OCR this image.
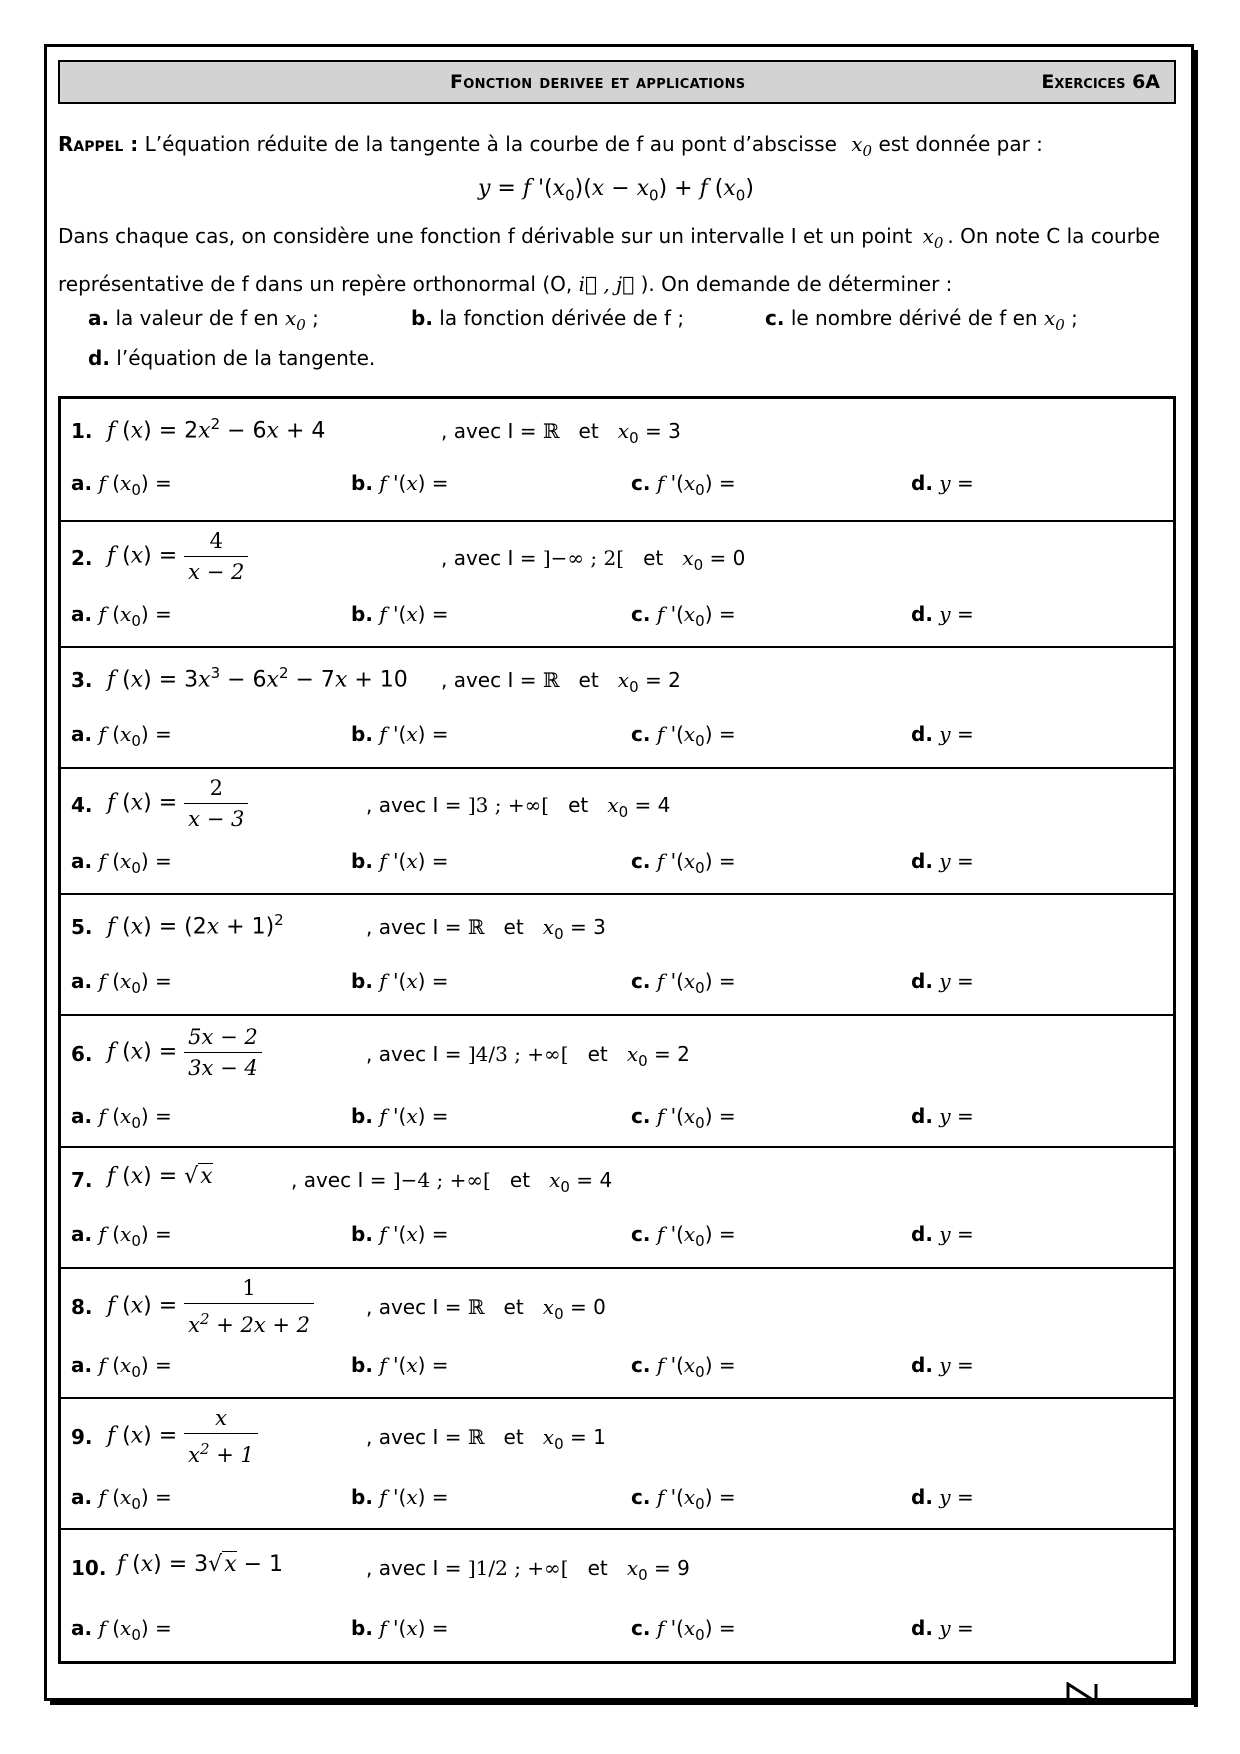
Fonction derivee et applications	Exercices 6A
Rappel : L’équation réduite de la tangente à la courbe de f au pont d’abscisse $x_0$ est donnée par :
y = f '$(x_0)(x - x_0) + f$ $(x_0)$
Dans chaque cas, on considère une fonction f dérivable sur un intervalle I et un point $x_0$ . On note C la courbe
représentative de f dans un repère orthonormal (O, i⃗ , j⃗ ). On demande de déterminer :
a. la valeur de f en $x_0$ ;	b. la fonction dérivée de f ;	c. le nombre dérivé de f en $x_0$ ;
d. l’équation de la tangente.
1. f $(x) = 2x^2 - 6x + 4$	, avec I = ℝ et $x_0 = 3$
a. f $(x_0)$ =	b. f '(x) =	c. f '$(x_0)$ =	d. y =
2. f $(x) = \frac{4}{x - 2}$	, avec I = ]−∞ ; 2[ et $x_0 = 0$
a. f $(x_0)$ =	b. f '(x) =	c. f '$(x_0)$ =	d. y =
3. f $(x) = 3x^3 - 6x^2 - 7x + 10$ , avec I = ℝ et $x_0 = 2$
a. f $(x_0)$ =	b. f '(x) =	c. f '$(x_0)$ =	d. y =
4. f $(x) = \frac{2}{x - 3}$	, avec I = ]3 ; +∞[ et $x_0 = 4$
a. f $(x_0)$ =	b. f '(x) =	c. f '$(x_0)$ =	d. y =
5. f $(x) = (2x + 1)^2$	, avec I = ℝ et $x_0 = 3$
a. f $(x_0)$ =	b. f '(x) =	c. f '$(x_0)$ =	d. y =
6. f $(x) = \frac{5x - 2}{3x - 4}$	, avec I = ]4/3 ; +∞[ et $x_0 = 2$
a. f $(x_0)$ =	b. f '(x) =	c. f '$(x_0)$ =	d. y =
7. f (x) = √x	, avec I = ]−4 ; +∞[ et $x_0 = 4$
a. f $(x_0)$ =	b. f '(x) =	c. f '$(x_0)$ =	d. y =
8. f $(x) = \frac{1}{x^2 + 2x + 2}$	, avec I = ℝ et $x_0 = 0$
a. f $(x_0)$ =	b. f '(x) =	c. f '$(x_0)$ =	d. y =
9. f $(x) = \frac{x}{x^2 + 1}$	, avec I = ℝ et $x_0 = 1$
a. f $(x_0)$ =	b. f '(x) =	c. f '$(x_0)$ =	d. y =
10. f (x) = 3√x − 1	, avec I = ]1/2 ; +∞[ et $x_0 = 9$
a. f $(x_0)$ =	b. f '(x) =	c. f '$(x_0)$ =	d. y =
